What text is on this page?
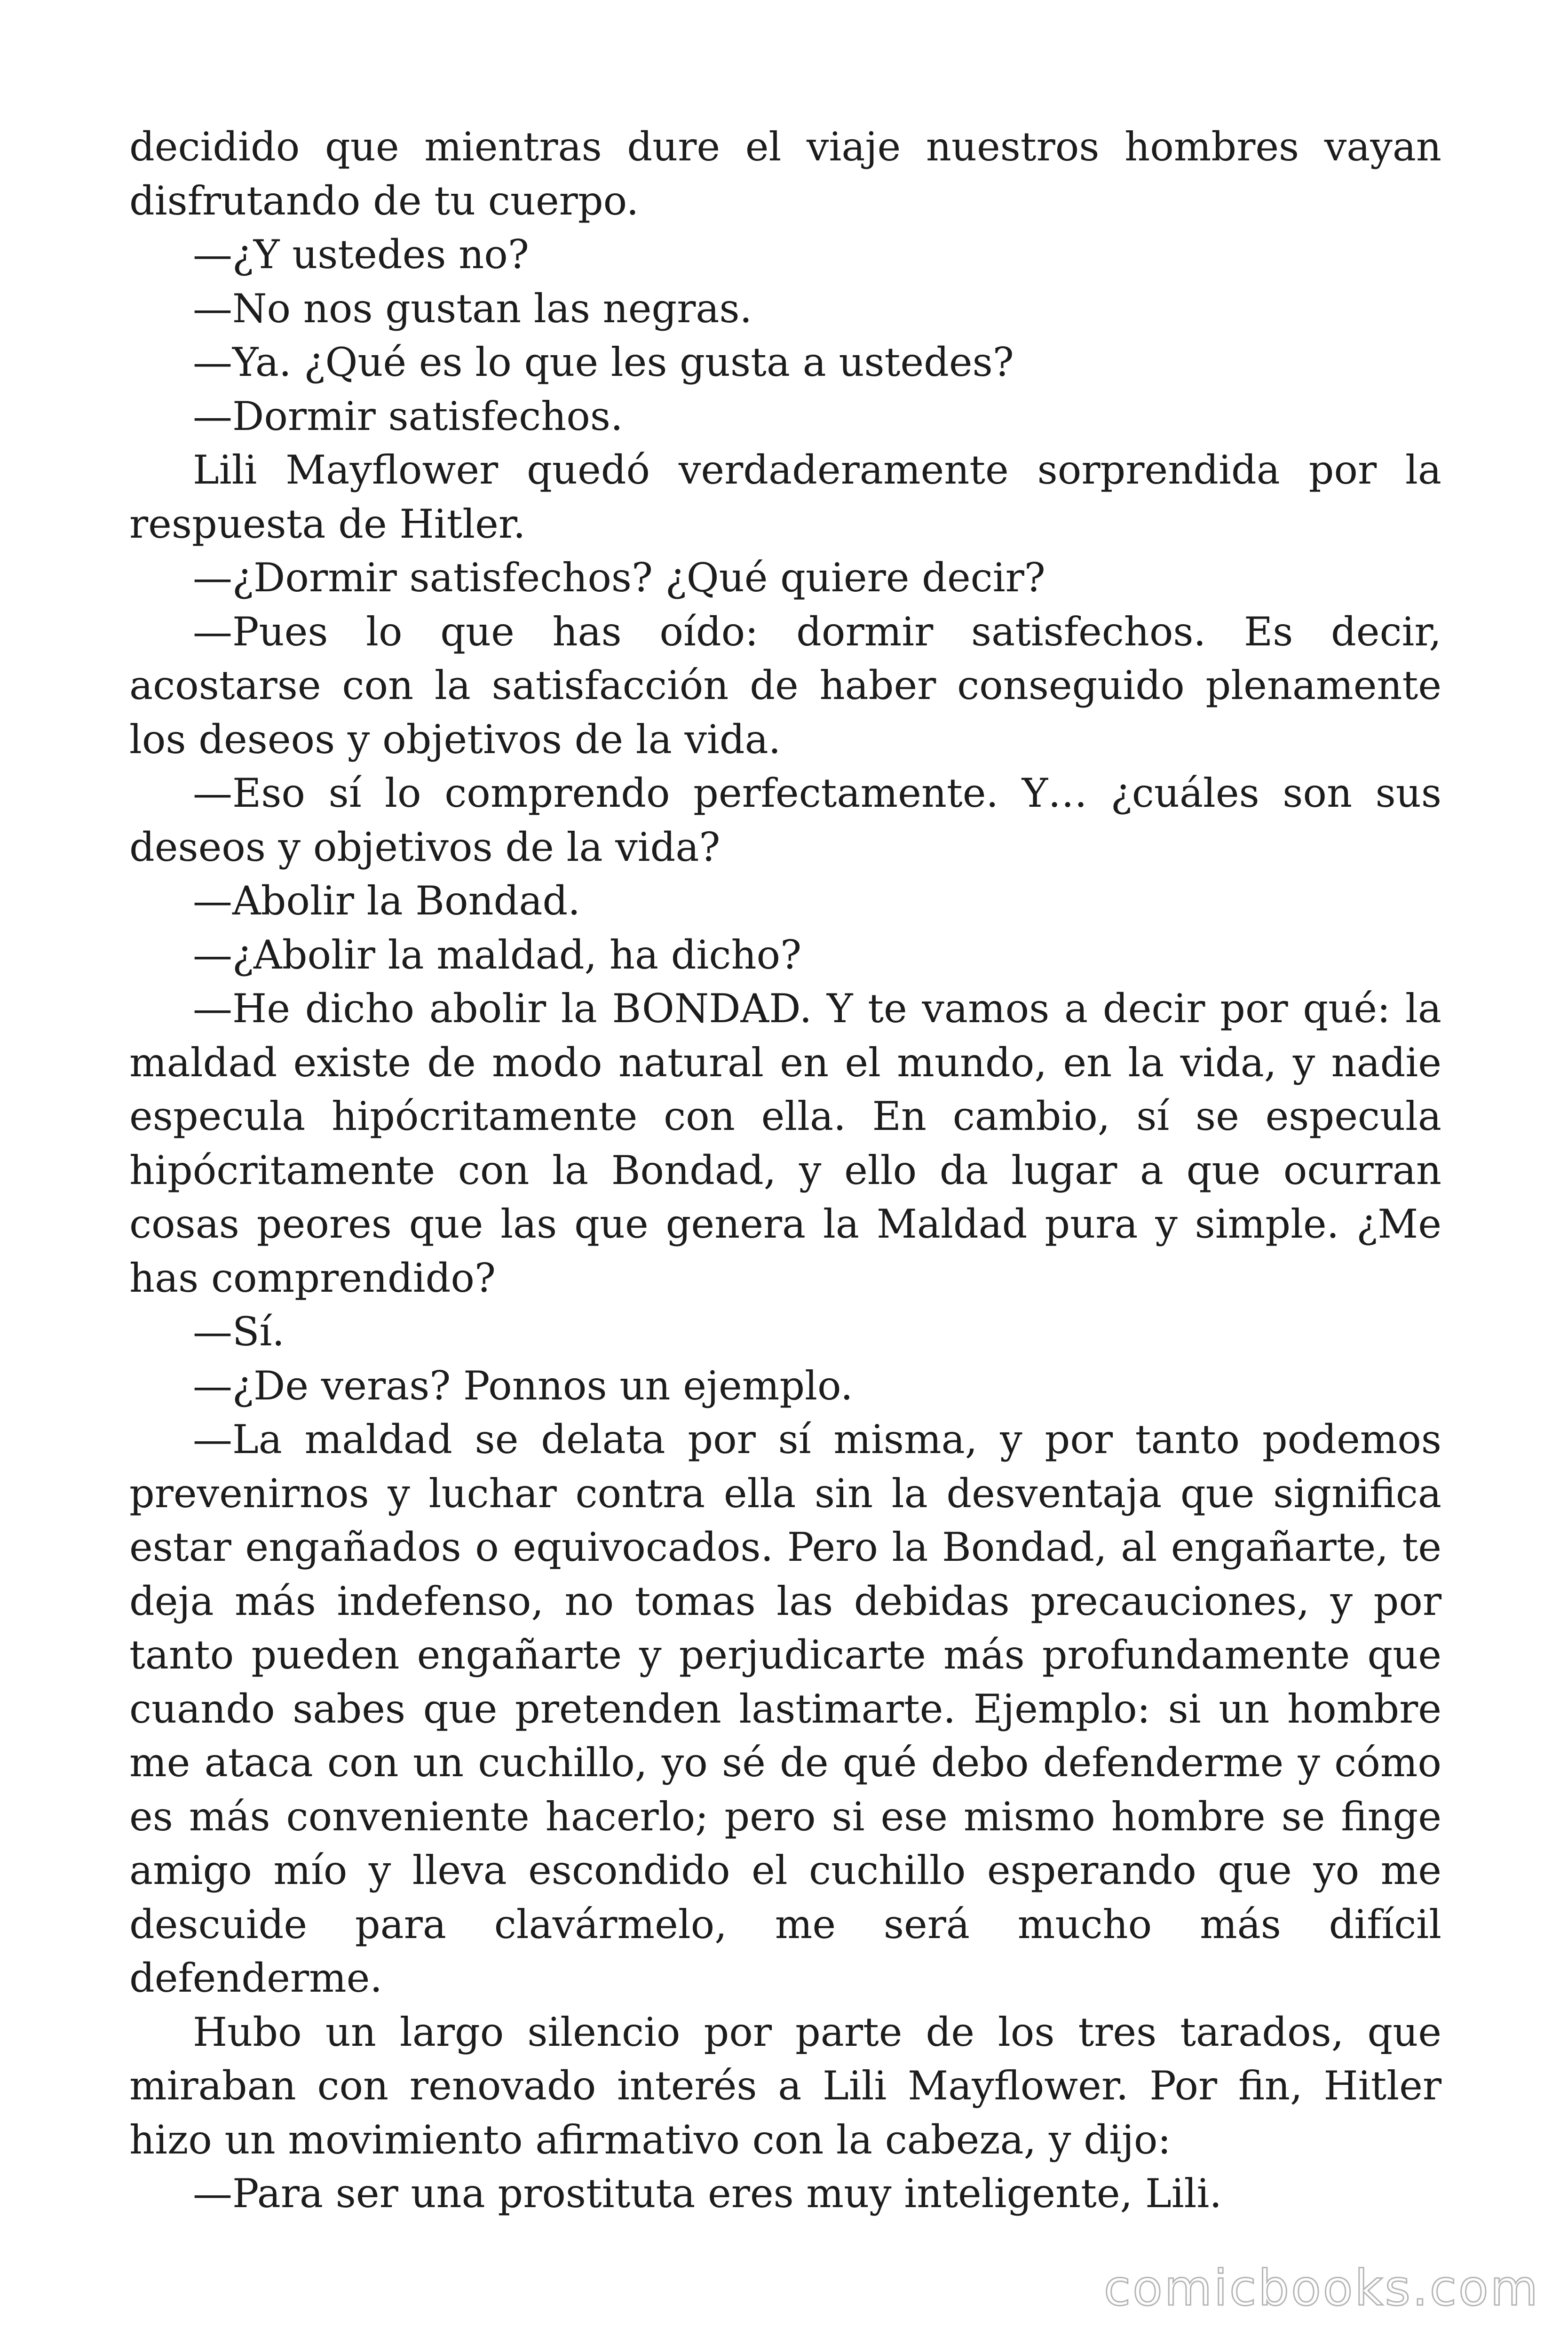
decidido que mientras dure el viaje nuestros hombres vayan disfrutando de tu cuerpo.

—¿Y ustedes no?

—No nos gustan las negras.

—Ya. ¿Qué es lo que les gusta a ustedes?

—Dormir satisfechos.

Lili Mayflower quedó verdaderamente sorprendida por la respuesta de Hitler.

—¿Dormir satisfechos? ¿Qué quiere decir?

—Pues lo que has oído: dormir satisfechos. Es decir, acostarse con la satisfacción de haber conseguido plenamente los deseos y objetivos de la vida.

—Eso sí lo comprendo perfectamente. Y… ¿cuáles son sus deseos y objetivos de la vida?

—Abolir la Bondad.

—¿Abolir la maldad, ha dicho?

—He dicho abolir la BONDAD. Y te vamos a decir por qué: la maldad existe de modo natural en el mundo, en la vida, y nadie especula hipócritamente con ella. En cambio, sí se especula hipócritamente con la Bondad, y ello da lugar a que ocurran cosas peores que las que genera la Maldad pura y simple. ¿Me has comprendido?

—Sí.

—¿De veras? Ponnos un ejemplo.

—La maldad se delata por sí misma, y por tanto podemos prevenirnos y luchar contra ella sin la desventaja que significa estar engañados o equivocados. Pero la Bondad, al engañarte, te deja más indefenso, no tomas las debidas precauciones, y por tanto pueden engañarte y perjudicarte más profundamente que cuando sabes que pretenden lastimarte. Ejemplo: si un hombre me ataca con un cuchillo, yo sé de qué debo defenderme y cómo es más conveniente hacerlo; pero si ese mismo hombre se finge amigo mío y lleva escondido el cuchillo esperando que yo me descuide para clavármelo, me será mucho más difícil defenderme.

Hubo un largo silencio por parte de los tres tarados, que miraban con renovado interés a Lili Mayflower. Por fin, Hitler hizo un movimiento afirmativo con la cabeza, y dijo:

—Para ser una prostituta eres muy inteligente, Lili.

comicbooks.com
